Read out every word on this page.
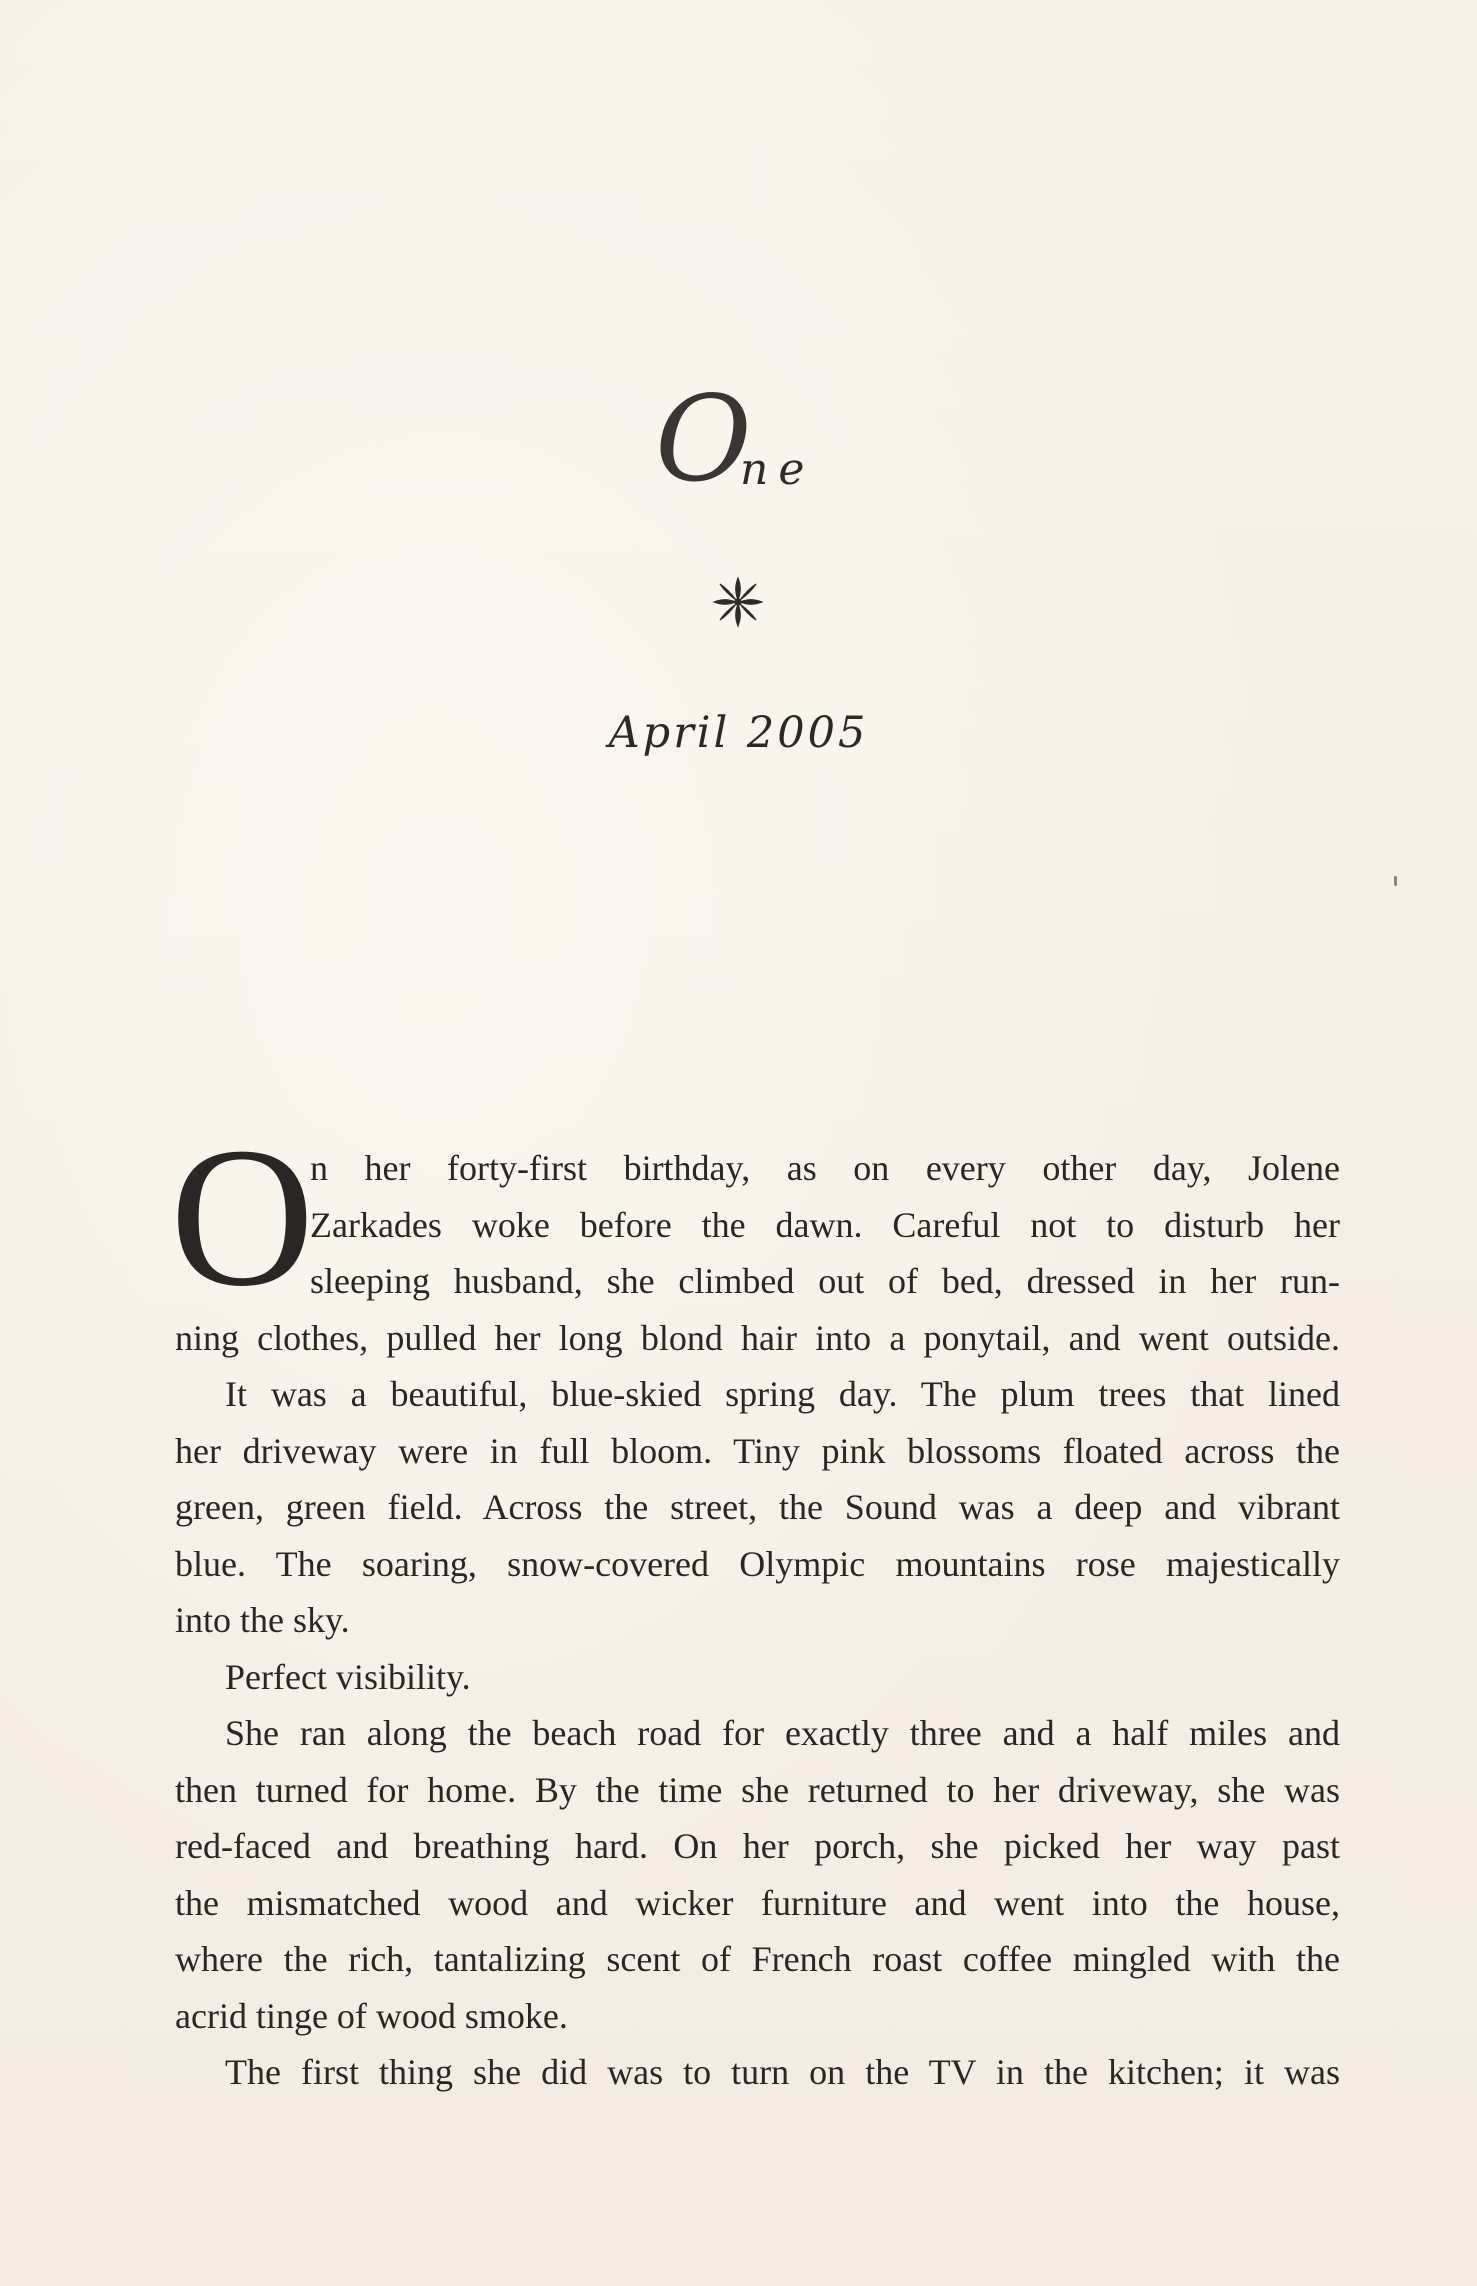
O
ne
April 2005
O
n her forty-first birthday, as on every other day, Jolene
Zarkades woke before the dawn. Careful not to disturb her
sleeping husband, she climbed out of bed, dressed in her run-
ning clothes, pulled her long blond hair into a ponytail, and went outside.
It was a beautiful, blue-skied spring day. The plum trees that lined
her driveway were in full bloom. Tiny pink blossoms floated across the
green, green field. Across the street, the Sound was a deep and vibrant
blue. The soaring, snow-covered Olympic mountains rose majestically
into the sky.
Perfect visibility.
She ran along the beach road for exactly three and a half miles and
then turned for home. By the time she returned to her driveway, she was
red-faced and breathing hard. On her porch, she picked her way past
the mismatched wood and wicker furniture and went into the house,
where the rich, tantalizing scent of French roast coffee mingled with the
acrid tinge of wood smoke.
The first thing she did was to turn on the TV in the kitchen; it was
